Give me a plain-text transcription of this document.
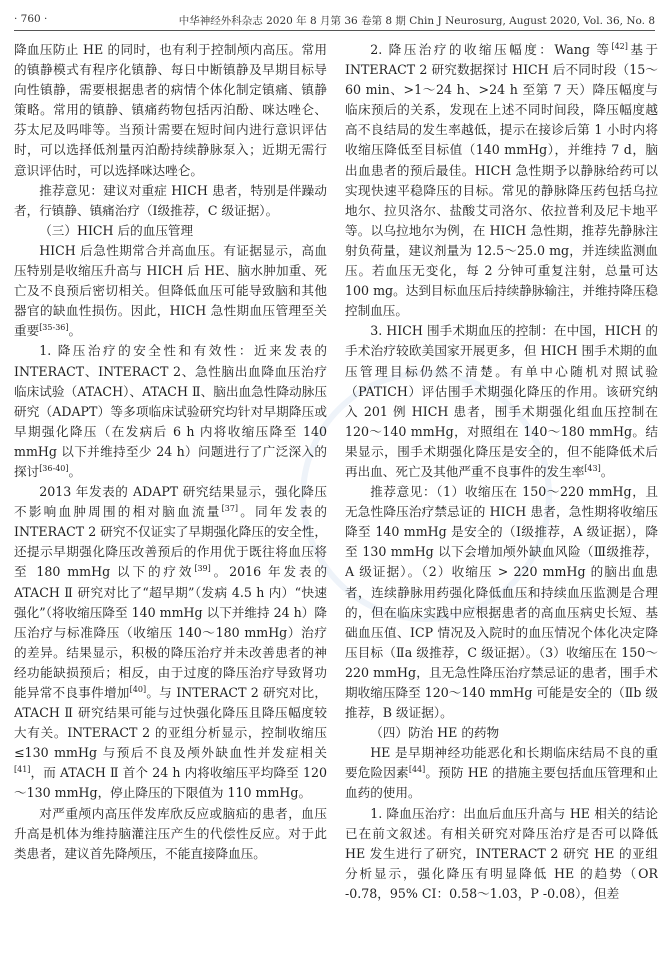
· 760 ·	中华神经外科杂志 2020 年 8 月第 36 卷第 8 期 Chin J Neurosurg, August 2020, Vol. 36, No. 8

降血压防止 HE 的同时，也有利于控制颅内高压。常用的镇静模式有程序化镇静、每日中断镇静及早期目标导向性镇静，需要根据患者的病情个体化制定镇痛、镇静策略。常用的镇静、镇痛药物包括丙泊酚、咪达唑仑、芬太尼及吗啡等。当预计需要在短时间内进行意识评估时，可以选择低剂量丙泊酚持续静脉泵入；近期无需行意识评估时，可以选择咪达唑仑。

推荐意见：建议对重症 HICH 患者，特别是伴躁动者，行镇静、镇痛治疗（Ⅰ级推荐，C 级证据）。

（三）HICH 后的血压管理

HICH 后急性期常合并高血压。有证据显示，高血压特别是收缩压升高与 HICH 后 HE、脑水肿加重、死亡及不良预后密切相关。但降低血压可能导致脑和其他器官的缺血性损伤。因此，HICH 急性期血压管理至关重要[35-36]。

1. 降压治疗的安全性和有效性：近来发表的 INTERACT、INTERACT 2、急性脑出血降血压治疗临床试验（ATACH）、ATACH Ⅱ、脑出血急性降动脉压研究（ADAPT）等多项临床试验研究均针对早期降压或早期强化降压（在发病后 6 h 内将收缩压降至 140 mmHg 以下并维持至少 24 h）问题进行了广泛深入的探讨[36-40]。

2013 年发表的 ADAPT 研究结果显示，强化降压不影响血肿周围的相对脑血流量[37]。同年发表的 INTERACT 2 研究不仅证实了早期强化降压的安全性，还提示早期强化降压改善预后的作用优于既往将血压将至 180 mmHg 以下的疗效[39]。2016 年发表的 ATACH Ⅱ 研究对比了“超早期”（发病 4.5 h 内）“快速强化”（将收缩压降至 140 mmHg 以下并维持 24 h）降压治疗与标准降压（收缩压 140～180 mmHg）治疗的差异。结果显示，积极的降压治疗并未改善患者的神经功能缺损预后；相反，由于过度的降压治疗导致肾功能异常不良事件增加[40]。与 INTERACT 2 研究对比，ATACH Ⅱ 研究结果可能与过快强化降压且降压幅度较大有关。INTERACT 2 的亚组分析显示，控制收缩压≤130 mmHg 与预后不良及颅外缺血性并发症相关[41]，而 ATACH Ⅱ 首个 24 h 内将收缩压平均降至 120～130 mmHg，停止降压的下限值为 110 mmHg。

对严重颅内高压伴发库欣反应或脑疝的患者，血压升高是机体为维持脑灌注压产生的代偿性反应。对于此类患者，建议首先降颅压，不能直接降血压。

2. 降压治疗的收缩压幅度：Wang 等[42]基于 INTERACT 2 研究数据探讨 HICH 后不同时段（15～60 min、>1～24 h、>24 h 至第 7 天）降压幅度与临床预后的关系，发现在上述不同时间段，降压幅度越高不良结局的发生率越低，提示在接诊后第 1 小时内将收缩压降低至目标值（140 mmHg），并维持 7 d，脑出血患者的预后最佳。HICH 急性期予以静脉给药可以实现快速平稳降压的目标。常见的静脉降压药包括乌拉地尔、拉贝洛尔、盐酸艾司洛尔、依拉普利及尼卡地平等。以乌拉地尔为例，在 HICH 急性期，推荐先静脉注射负荷量，建议剂量为 12.5～25.0 mg，并连续监测血压。若血压无变化，每 2 分钟可重复注射，总量可达 100 mg。达到目标血压后持续静脉输注，并维持降压稳控制血压。

3. HICH 围手术期血压的控制：在中国，HICH 的手术治疗较欧美国家开展更多，但 HICH 围手术期的血压管理目标仍然不清楚。有单中心随机对照试验（PATICH）评估围手术期强化降压的作用。该研究纳入 201 例 HICH 患者，围手术期强化组血压控制在 120～140 mmHg，对照组在 140～180 mmHg。结果显示，围手术期强化降压是安全的，但不能降低术后再出血、死亡及其他严重不良事件的发生率[43]。

推荐意见：（1）收缩压在 150～220 mmHg，且无急性降压治疗禁忌证的 HICH 患者，急性期将收缩压降至 140 mmHg 是安全的（Ⅰ级推荐，A 级证据），降至 130 mmHg 以下会增加颅外缺血风险（Ⅲ级推荐，A 级证据）。（2）收缩压 > 220 mmHg 的脑出血患者，连续静脉用药强化降低血压和持续血压监测是合理的，但在临床实践中应根据患者的高血压病史长短、基础血压值、ICP 情况及入院时的血压情况个体化决定降压目标（Ⅱa 级推荐，C 级证据）。（3）收缩压在 150～220 mmHg，且无急性降压治疗禁忌证的患者，围手术期收缩压降至 120～140 mmHg 可能是安全的（Ⅱb 级推荐，B 级证据）。

（四）防治 HE 的药物

HE 是早期神经功能恶化和长期临床结局不良的重要危险因素[44]。预防 HE 的措施主要包括血压管理和止血药的使用。

1. 降血压治疗：出血后血压升高与 HE 相关的结论已在前文叙述。有相关研究对降压治疗是否可以降低 HE 发生进行了研究，INTERACT 2 研究 HE 的亚组分析显示，强化降压有明显降低 HE 的趋势（OR -0.78，95% CI：0.58～1.03，P -0.08），但差
